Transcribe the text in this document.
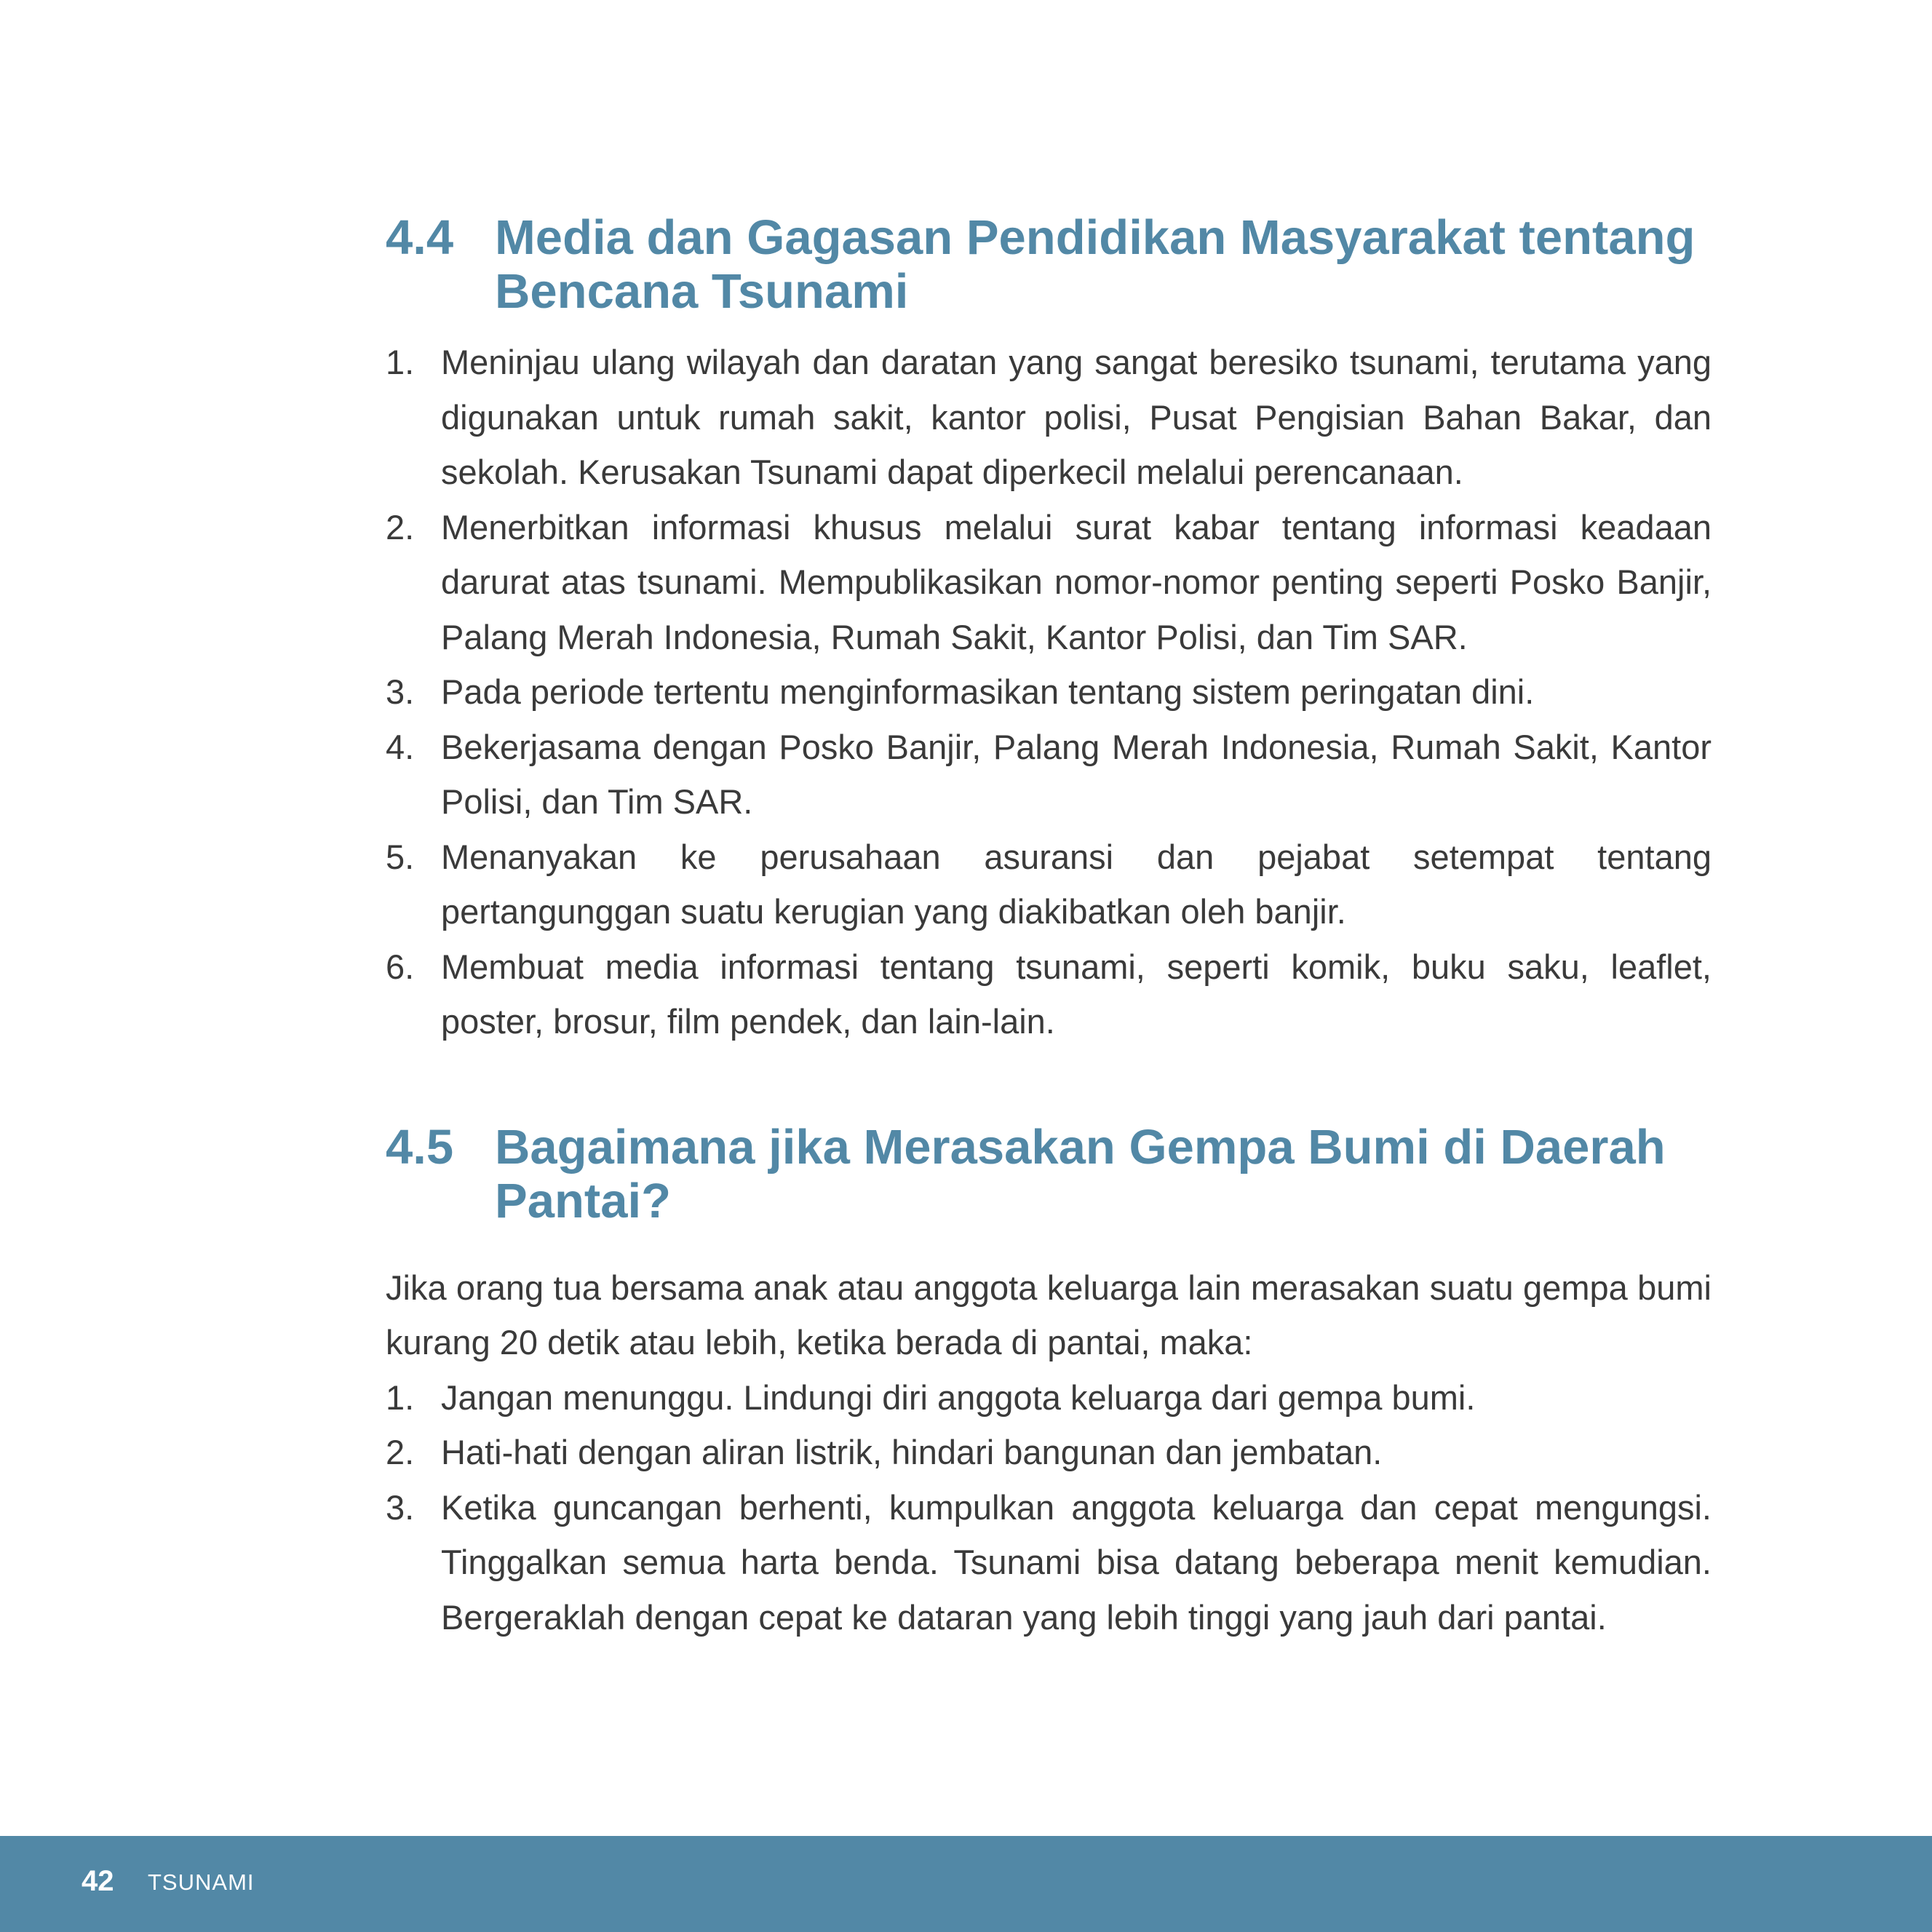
4.4 Media dan Gagasan Pendidikan Masyarakat tentang Bencana Tsunami
1. Meninjau ulang wilayah dan daratan yang sangat beresiko tsunami, terutama yang digunakan untuk rumah sakit, kantor polisi, Pusat Pengisian Bahan Bakar, dan sekolah. Kerusakan Tsunami dapat diperkecil melalui perencanaan.
2. Menerbitkan informasi khusus melalui surat kabar tentang informasi keadaan darurat atas tsunami. Mempublikasikan nomor-nomor penting seperti Posko Banjir, Palang Merah Indonesia, Rumah Sakit, Kantor Polisi, dan Tim SAR.
3. Pada periode tertentu menginformasikan tentang sistem peringatan dini.
4. Bekerjasama dengan Posko Banjir, Palang Merah Indonesia, Rumah Sakit, Kantor Polisi, dan Tim SAR.
5. Menanyakan ke perusahaan asuransi dan pejabat setempat tentang pertangunggan suatu kerugian yang diakibatkan oleh banjir.
6. Membuat media informasi tentang tsunami, seperti komik, buku saku, leaflet, poster, brosur, film pendek, dan lain-lain.
4.5 Bagaimana jika Merasakan Gempa Bumi di Daerah Pantai?

Jika orang tua bersama anak atau anggota keluarga lain merasakan suatu gempa bumi kurang 20 detik atau lebih, ketika berada di pantai, maka:

1. Jangan menunggu. Lindungi diri anggota keluarga dari gempa bumi.
2. Hati-hati dengan aliran listrik, hindari bangunan dan jembatan.
3. Ketika guncangan berhenti, kumpulkan anggota keluarga dan cepat mengungsi. Tinggalkan semua harta benda. Tsunami bisa datang beberapa menit kemudian. Bergeraklah dengan cepat ke dataran yang lebih tinggi yang jauh dari pantai.
42 TSUNAMI
